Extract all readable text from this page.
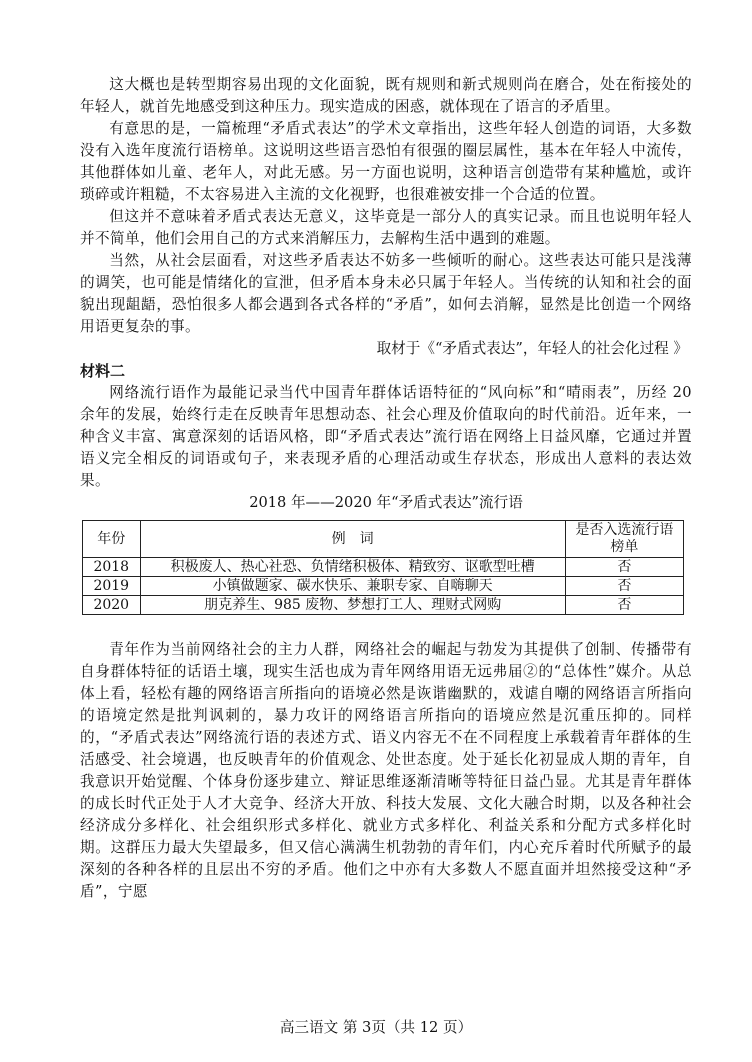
这大概也是转型期容易出现的文化面貌，既有规则和新式规则尚在磨合，处在衔接处的年轻人，就首先地感受到这种压力。现实造成的困惑，就体现在了语言的矛盾里。

有意思的是，一篇梳理“矛盾式表达”的学术文章指出，这些年轻人创造的词语，大多数没有入选年度流行语榜单。这说明这些语言恐怕有很强的圈层属性，基本在年轻人中流传，其他群体如儿童、老年人，对此无感。另一方面也说明，这种语言创造带有某种尴尬，或许琐碎或许粗糙，不太容易进入主流的文化视野，也很难被安排一个合适的位置。

但这并不意味着矛盾式表达无意义，这毕竟是一部分人的真实记录。而且也说明年轻人并不简单，他们会用自己的方式来消解压力，去解构生活中遇到的难题。

当然，从社会层面看，对这些矛盾表达不妨多一些倾听的耐心。这些表达可能只是浅薄的调笑，也可能是情绪化的宣泄，但矛盾本身未必只属于年轻人。当传统的认知和社会的面貌出现龃龉，恐怕很多人都会遇到各式各样的“矛盾”，如何去消解，显然是比创造一个网络用语更复杂的事。

取材于《“矛盾式表达”，年轻人的社会化过程 》

材料二

网络流行语作为最能记录当代中国青年群体话语特征的“风向标”和“晴雨表”，历经 20 余年的发展，始终行走在反映青年思想动态、社会心理及价值取向的时代前沿。近年来，一种含义丰富、寓意深刻的话语风格，即“矛盾式表达”流行语在网络上日益风靡，它通过并置语义完全相反的词语或句子，来表现矛盾的心理活动或生存状态，形成出人意料的表达效果。

2018 年——2020 年“矛盾式表达”流行语

年份	例　词	是否入选流行语榜单
2018	积极废人、热心社恐、负情绪积极体、精致穷、讴歌型吐槽	否
2019	小镇做题家、碳水快乐、兼职专家、自嗨聊天	否
2020	朋克养生、985 废物、梦想打工人、理财式网购	否

青年作为当前网络社会的主力人群，网络社会的崛起与勃发为其提供了创制、传播带有自身群体特征的话语土壤，现实生活也成为青年网络用语无远弗届②的“总体性”媒介。从总体上看，轻松有趣的网络语言所指向的语境必然是诙谐幽默的，戏谑自嘲的网络语言所指向的语境定然是批判讽刺的，暴力攻讦的网络语言所指向的语境应然是沉重压抑的。同样的，“矛盾式表达”网络流行语的表述方式、语义内容无不在不同程度上承载着青年群体的生活感受、社会境遇，也反映青年的价值观念、处世态度。处于延长化初显成人期的青年，自我意识开始觉醒、个体身份逐步建立、辩证思维逐渐清晰等特征日益凸显。尤其是青年群体的成长时代正处于人才大竞争、经济大开放、科技大发展、文化大融合时期，以及各种社会经济成分多样化、社会组织形式多样化、就业方式多样化、利益关系和分配方式多样化时期。这群压力最大失望最多，但又信心满满生机勃勃的青年们，内心充斥着时代所赋予的最深刻的各种各样的且层出不穷的矛盾。他们之中亦有大多数人不愿直面并坦然接受这种“矛盾”，宁愿

高三语文 第 3页（共 12 页）
